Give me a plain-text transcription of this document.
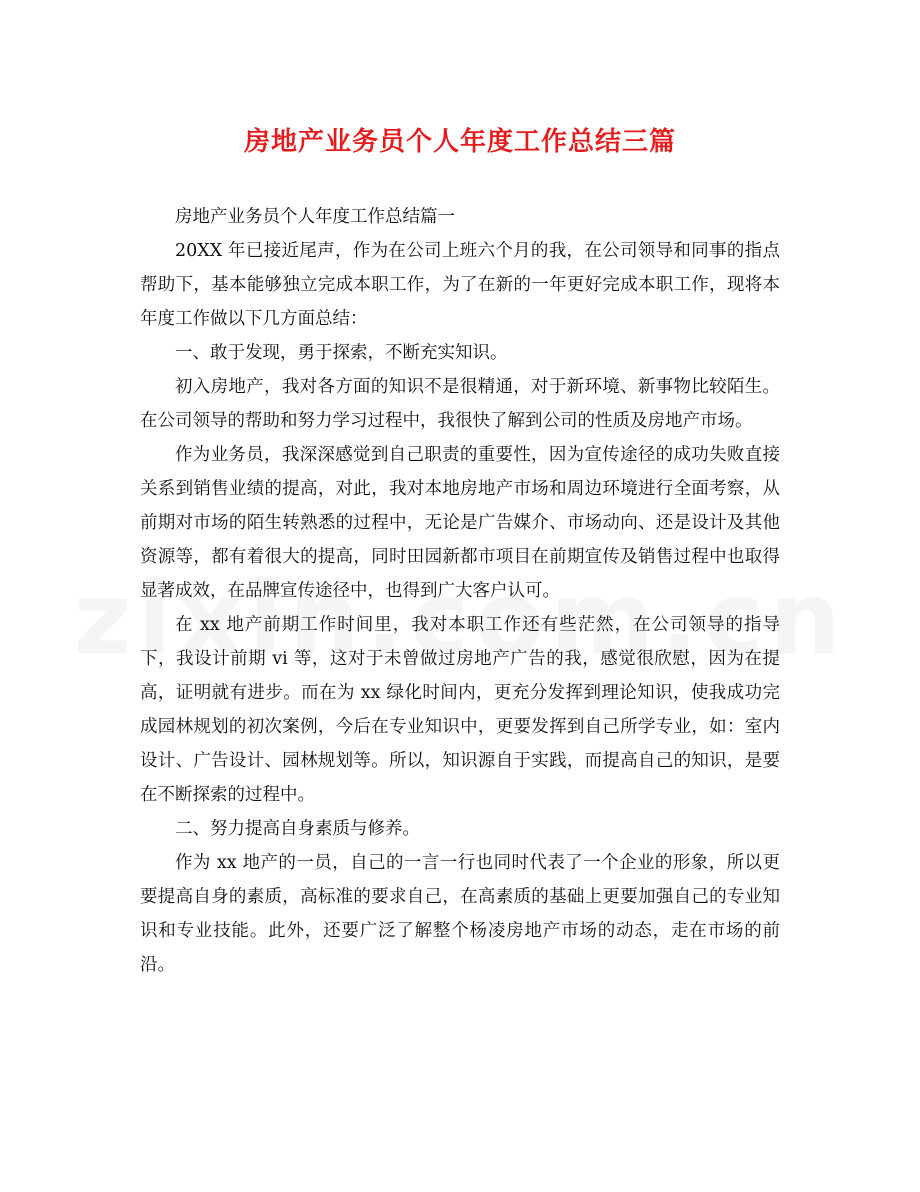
房地产业务员个人年度工作总结三篇

房地产业务员个人年度工作总结篇一

20XX 年已接近尾声，作为在公司上班六个月的我，在公司领导和同事的指点帮助下，基本能够独立完成本职工作，为了在新的一年更好完成本职工作，现将本年度工作做以下几方面总结：

一、敢于发现，勇于探索，不断充实知识。

初入房地产，我对各方面的知识不是很精通，对于新环境、新事物比较陌生。在公司领导的帮助和努力学习过程中，我很快了解到公司的性质及房地产市场。

作为业务员，我深深感觉到自己职责的重要性，因为宣传途径的成功失败直接关系到销售业绩的提高，对此，我对本地房地产市场和周边环境进行全面考察，从前期对市场的陌生转熟悉的过程中，无论是广告媒介、市场动向、还是设计及其他资源等，都有着很大的提高，同时田园新都市项目在前期宣传及销售过程中也取得显著成效，在品牌宣传途径中，也得到广大客户认可。

在 xx 地产前期工作时间里，我对本职工作还有些茫然，在公司领导的指导下，我设计前期 vi 等，这对于未曾做过房地产广告的我，感觉很欣慰，因为在提高，证明就有进步。而在为 xx 绿化时间内，更充分发挥到理论知识，使我成功完成园林规划的初次案例，今后在专业知识中，更要发挥到自己所学专业，如：室内设计、广告设计、园林规划等。所以，知识源自于实践，而提高自己的知识，是要在不断探索的过程中。

二、努力提高自身素质与修养。

作为 xx 地产的一员，自己的一言一行也同时代表了一个企业的形象，所以更要提高自身的素质，高标准的要求自己，在高素质的基础上更要加强自己的专业知识和专业技能。此外，还要广泛了解整个杨凌房地产市场的动态，走在市场的前沿。
